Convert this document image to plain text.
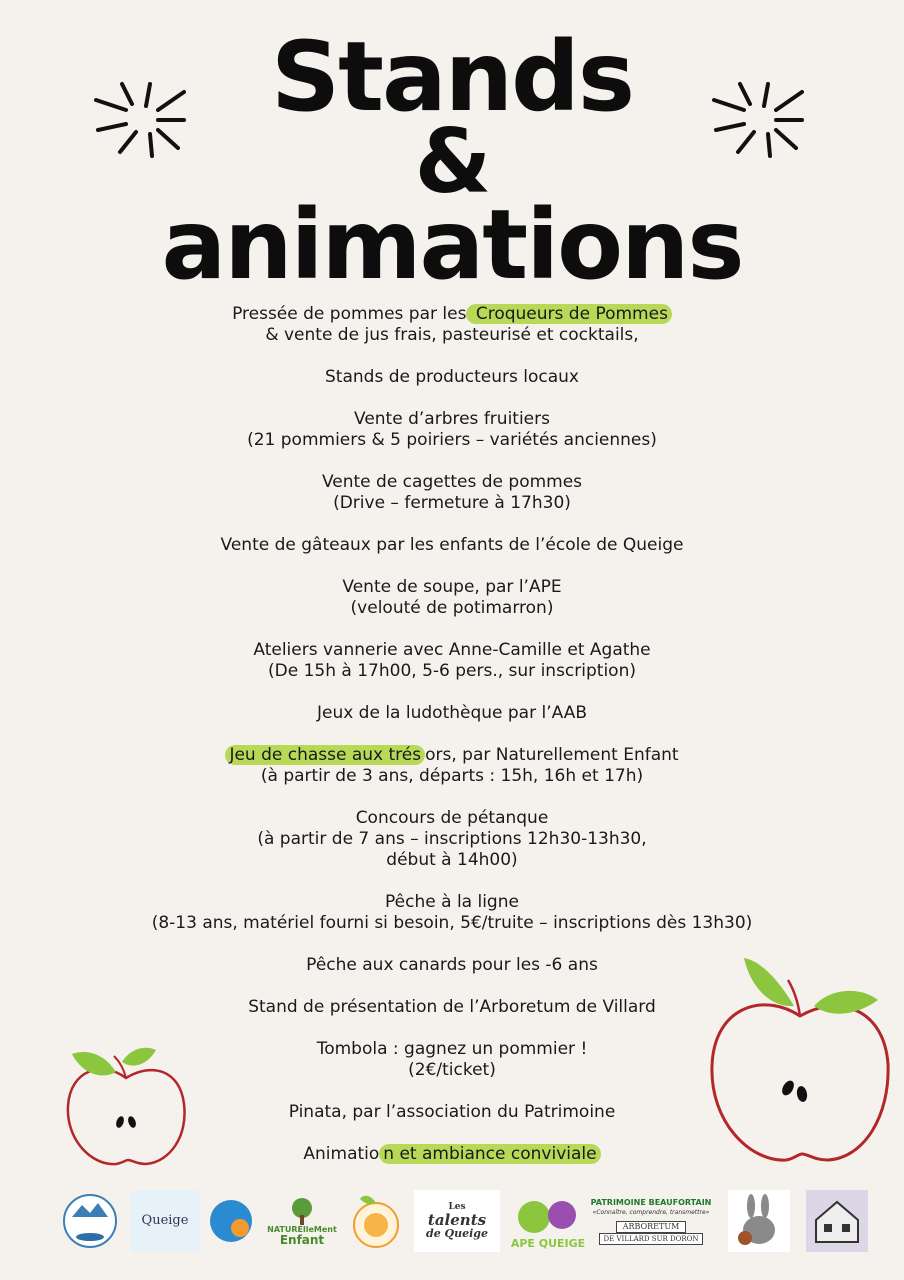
Stands
&
animations
Pressée de pommes par les Croqueurs de Pommes
& vente de jus frais, pasteurisé et cocktails,
Stands de producteurs locaux
Vente d’arbres fruitiers
(21 pommiers & 5 poiriers – variétés anciennes)
Vente de cagettes de pommes
(Drive – fermeture à 17h30)
Vente de gâteaux par les enfants de l’école de Queige
Vente de soupe, par l’APE
(velouté de potimarron)
Ateliers vannerie avec Anne-Camille et Agathe
(De 15h à 17h00, 5-6 pers., sur inscription)
Jeux de la ludothèque par l’AAB
Jeu de chasse aux trés ors, par Naturellement Enfant
(à partir de 3 ans, départs : 15h, 16h et 17h)
Concours de pétanque
(à partir de 7 ans – inscriptions 12h30-13h30,
début à 14h00)
Pêche à la ligne
(8-13 ans, matériel fourni si besoin, 5€/truite – inscriptions dès 13h30)
Pêche aux canards pour les -6 ans
Stand de présentation de l’Arboretum de Villard
Tombola : gagnez un pommier !
(2€/ticket)
Pinata, par l’association du Patrimoine
Animatio n et ambiance conviviale
Queige
NATURElleMent
Enfant
Les
talents
de Queige
APE QUEIGE
PATRIMOINE BEAUFORTAIN
«Connaître, comprendre, transmettre»
ARBORETUM
DE VILLARD SUR DORON
